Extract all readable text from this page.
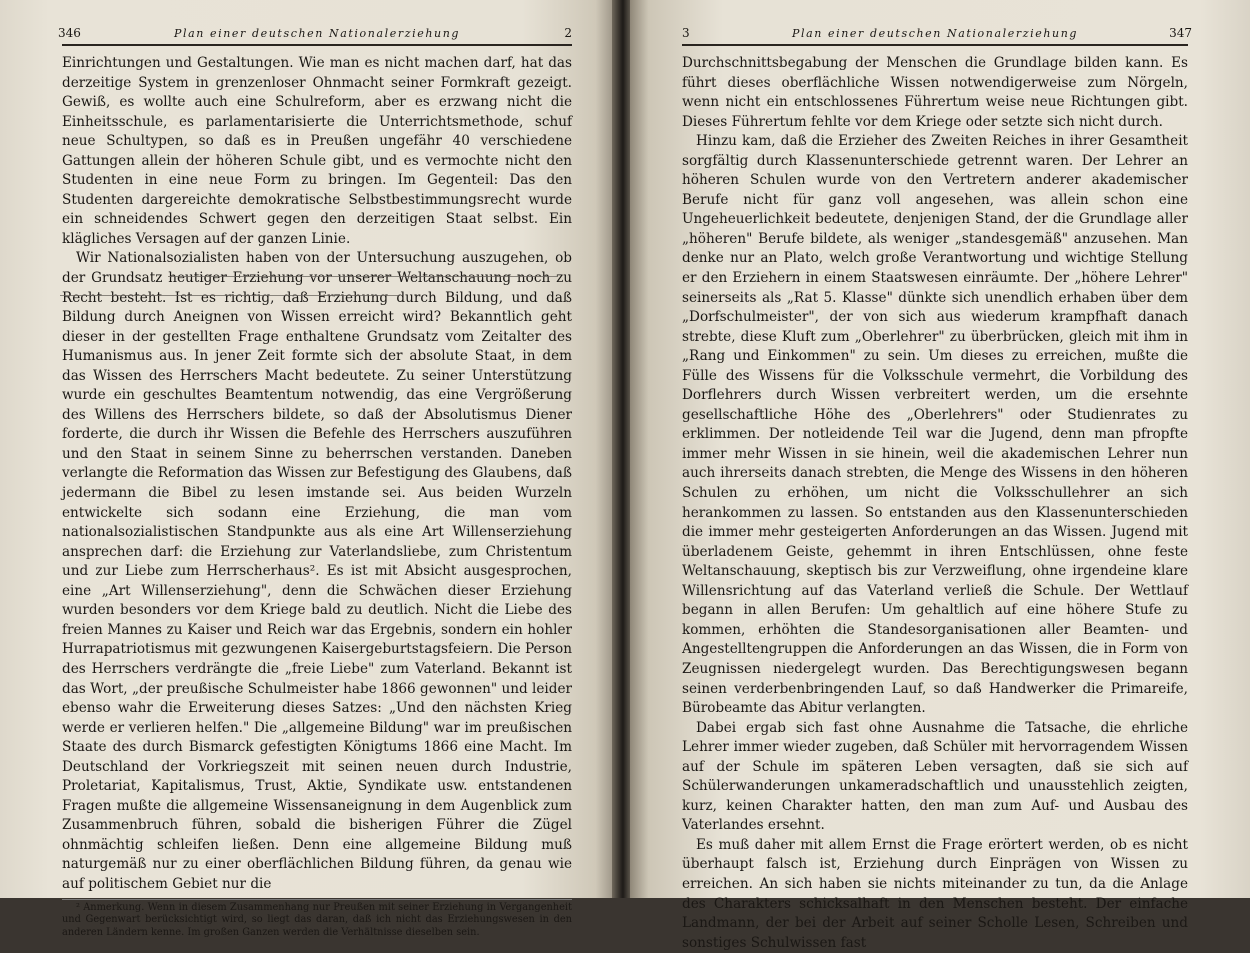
346	Plan einer deutschen Nationalerziehung	2

Einrichtungen und Gestaltungen. Wie man es nicht machen darf, hat das derzeitige System in grenzenloser Ohnmacht seiner Formkraft gezeigt. Gewiß, es wollte auch eine Schulreform, aber es erzwang nicht die Einheitsschule, es parlamentarisierte die Unterrichtsmethode, schuf neue Schultypen, so daß es in Preußen ungefähr 40 verschiedene Gattungen allein der höheren Schule gibt, und es vermochte nicht den Studenten in eine neue Form zu bringen. Im Gegenteil: Das den Studenten dargereichte demokratische Selbstbestimmungsrecht wurde ein schneidendes Schwert gegen den derzeitigen Staat selbst. Ein klägliches Versagen auf der ganzen Linie.

Wir Nationalsozialisten haben von der Untersuchung auszugehen, ob der Grundsatz heutiger Erziehung vor unserer Weltanschauung noch zu Recht besteht. Ist es richtig, daß Erziehung durch Bildung, und daß Bildung durch Aneignen von Wissen erreicht wird? Bekanntlich geht dieser in der gestellten Frage enthaltene Grundsatz vom Zeitalter des Humanismus aus. In jener Zeit formte sich der absolute Staat, in dem das Wissen des Herrschers Macht bedeutete. Zu seiner Unterstützung wurde ein geschultes Beamtentum notwendig, das eine Vergrößerung des Willens des Herrschers bildete, so daß der Absolutismus Diener forderte, die durch ihr Wissen die Befehle des Herrschers auszuführen und den Staat in seinem Sinne zu beherrschen verstanden. Daneben verlangte die Reformation das Wissen zur Befestigung des Glaubens, daß jedermann die Bibel zu lesen imstande sei. Aus beiden Wurzeln entwickelte sich sodann eine Erziehung, die man vom nationalsozialistischen Standpunkte aus als eine Art Willenserziehung ansprechen darf: die Erziehung zur Vaterlandsliebe, zum Christentum und zur Liebe zum Herrscherhaus². Es ist mit Absicht ausgesprochen, eine „Art Willenserziehung", denn die Schwächen dieser Erziehung wurden besonders vor dem Kriege bald zu deutlich. Nicht die Liebe des freien Mannes zu Kaiser und Reich war das Ergebnis, sondern ein hohler Hurrapatriotismus mit gezwungenen Kaisergeburtstagsfeiern. Die Person des Herrschers verdrängte die „freie Liebe" zum Vaterland. Bekannt ist das Wort, „der preußische Schulmeister habe 1866 gewonnen" und leider ebenso wahr die Erweiterung dieses Satzes: „Und den nächsten Krieg werde er verlieren helfen." Die „allgemeine Bildung" war im preußischen Staate des durch Bismarck gefestigten Königtums 1866 eine Macht. Im Deutschland der Vorkriegszeit mit seinen neuen durch Industrie, Proletariat, Kapitalismus, Trust, Aktie, Syndikate usw. entstandenen Fragen mußte die allgemeine Wissensaneignung in dem Augenblick zum Zusammenbruch führen, sobald die bisherigen Führer die Zügel ohnmächtig schleifen ließen. Denn eine allgemeine Bildung muß naturgemäß nur zu einer oberflächlichen Bildung führen, da genau wie auf politischem Gebiet nur die

² Anmerkung. Wenn in diesem Zusammenhang nur Preußen mit seiner Erziehung in Vergangenheit und Gegenwart berücksichtigt wird, so liegt das daran, daß ich nicht das Erziehungswesen in den anderen Ländern kenne. Im großen Ganzen werden die Verhältnisse dieselben sein.

3	Plan einer deutschen Nationalerziehung	347

Durchschnittsbegabung der Menschen die Grundlage bilden kann. Es führt dieses oberflächliche Wissen notwendigerweise zum Nörgeln, wenn nicht ein entschlossenes Führertum weise neue Richtungen gibt. Dieses Führertum fehlte vor dem Kriege oder setzte sich nicht durch.

Hinzu kam, daß die Erzieher des Zweiten Reiches in ihrer Gesamtheit sorgfältig durch Klassenunterschiede getrennt waren. Der Lehrer an höheren Schulen wurde von den Vertretern anderer akademischer Berufe nicht für ganz voll angesehen, was allein schon eine Ungeheuerlichkeit bedeutete, denjenigen Stand, der die Grundlage aller „höheren" Berufe bildete, als weniger „standesgemäß" anzusehen. Man denke nur an Plato, welch große Verantwortung und wichtige Stellung er den Erziehern in einem Staatswesen einräumte. Der „höhere Lehrer" seinerseits als „Rat 5. Klasse" dünkte sich unendlich erhaben über dem „Dorfschulmeister", der von sich aus wiederum krampfhaft danach strebte, diese Kluft zum „Oberlehrer" zu überbrücken, gleich mit ihm in „Rang und Einkommen" zu sein. Um dieses zu erreichen, mußte die Fülle des Wissens für die Volksschule vermehrt, die Vorbildung des Dorflehrers durch Wissen verbreitert werden, um die ersehnte gesellschaftliche Höhe des „Oberlehrers" oder Studienrates zu erklimmen. Der notleidende Teil war die Jugend, denn man pfropfte immer mehr Wissen in sie hinein, weil die akademischen Lehrer nun auch ihrerseits danach strebten, die Menge des Wissens in den höheren Schulen zu erhöhen, um nicht die Volksschullehrer an sich herankommen zu lassen. So entstanden aus den Klassenunterschieden die immer mehr gesteigerten Anforderungen an das Wissen. Jugend mit überladenem Geiste, gehemmt in ihren Entschlüssen, ohne feste Weltanschauung, skeptisch bis zur Verzweiflung, ohne irgendeine klare Willensrichtung auf das Vaterland verließ die Schule. Der Wettlauf begann in allen Berufen: Um gehaltlich auf eine höhere Stufe zu kommen, erhöhten die Standesorganisationen aller Beamten- und Angestelltengruppen die Anforderungen an das Wissen, die in Form von Zeugnissen niedergelegt wurden. Das Berechtigungswesen begann seinen verderbenbringenden Lauf, so daß Handwerker die Primareife, Bürobeamte das Abitur verlangten.

Dabei ergab sich fast ohne Ausnahme die Tatsache, die ehrliche Lehrer immer wieder zugeben, daß Schüler mit hervorragendem Wissen auf der Schule im späteren Leben versagten, daß sie sich auf Schülerwanderungen unkameradschaftlich und unausstehlich zeigten, kurz, keinen Charakter hatten, den man zum Auf- und Ausbau des Vaterlandes ersehnt.

Es muß daher mit allem Ernst die Frage erörtert werden, ob es nicht überhaupt falsch ist, Erziehung durch Einprägen von Wissen zu erreichen. An sich haben sie nichts miteinander zu tun, da die Anlage des Charakters schicksalhaft in den Menschen besteht. Der einfache Landmann, der bei der Arbeit auf seiner Scholle Lesen, Schreiben und sonstiges Schulwissen fast
